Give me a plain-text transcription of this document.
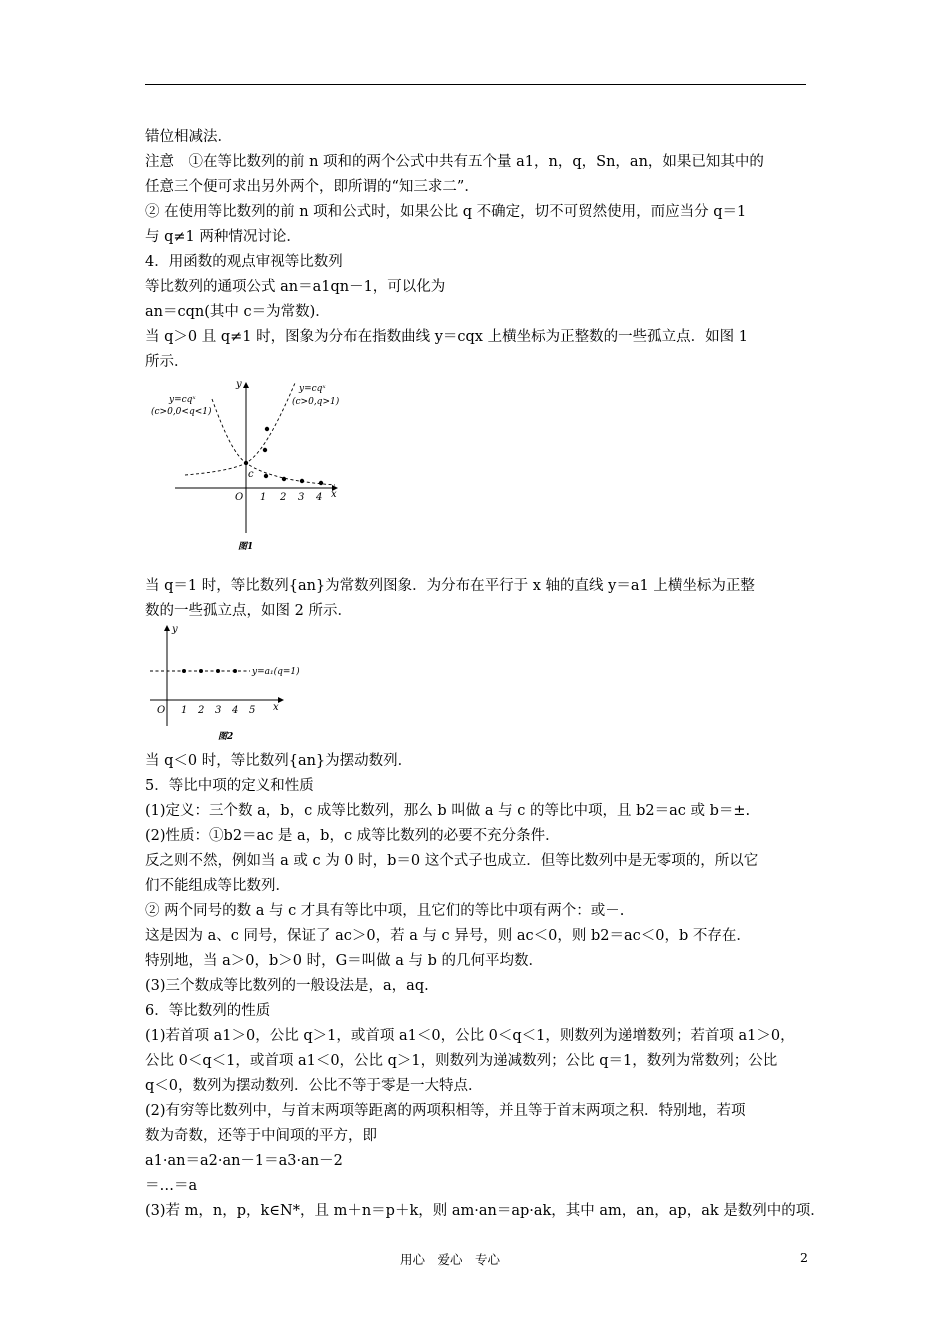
错位相减法．
注意　①在等比数列的前 n 项和的两个公式中共有五个量 a1，n，q，Sn，an，如果已知其中的
任意三个便可求出另外两个，即所谓的“知三求二”．
② 在使用等比数列的前 n 项和公式时，如果公比 q 不确定，切不可贸然使用，而应当分 q＝1
与 q≠1 两种情况讨论．
4．用函数的观点审视等比数列
等比数列的通项公式 an＝a1qn－1，可以化为
an＝cqn(其中 c＝为常数)．
当 q＞0 且 q≠1 时，图象为分布在指数曲线 y＝cqx 上横坐标为正整数的一些孤立点．如图 1
所示．
y
x
O
c
1 2 3 4
y=cqˣ
(c>0,0<q<1)
y=cqˣ
(c>0,q>1)
图1
当 q＝1 时，等比数列{an}为常数列图象．为分布在平行于 x 轴的直线 y＝a1 上横坐标为正整
数的一些孤立点，如图 2 所示．
y
x
O 1 2 3 4 5
y=a₁(q=1)
图2
当 q＜0 时，等比数列{an}为摆动数列．
5．等比中项的定义和性质
(1)定义：三个数 a，b，c 成等比数列，那么 b 叫做 a 与 c 的等比中项，且 b2＝ac 或 b＝±.
(2)性质：①b2＝ac 是 a，b，c 成等比数列的必要不充分条件．
反之则不然，例如当 a 或 c 为 0 时，b＝0 这个式子也成立．但等比数列中是无零项的，所以它
们不能组成等比数列．
② 两个同号的数 a 与 c 才具有等比中项，且它们的等比中项有两个：或－.
这是因为 a、c 同号，保证了 ac＞0，若 a 与 c 异号，则 ac＜0，则 b2＝ac＜0，b 不存在．
特别地，当 a＞0，b＞0 时，G＝叫做 a 与 b 的几何平均数．
(3)三个数成等比数列的一般设法是，a，aq.
6．等比数列的性质
(1)若首项 a1＞0，公比 q＞1，或首项 a1＜0，公比 0＜q＜1，则数列为递增数列；若首项 a1＞0，
公比 0＜q＜1，或首项 a1＜0，公比 q＞1，则数列为递减数列；公比 q＝1，数列为常数列；公比
q＜0，数列为摆动数列．公比不等于零是一大特点．
(2)有穷等比数列中，与首末两项等距离的两项积相等，并且等于首末两项之积．特别地，若项
数为奇数，还等于中间项的平方，即
a1·an＝a2·an－1＝a3·an－2
＝…＝a
(3)若 m，n，p，k∈N*，且 m＋n＝p＋k，则 am·an＝ap·ak，其中 am，an，ap，ak 是数列中的项．
用心　爱心　专心	2
